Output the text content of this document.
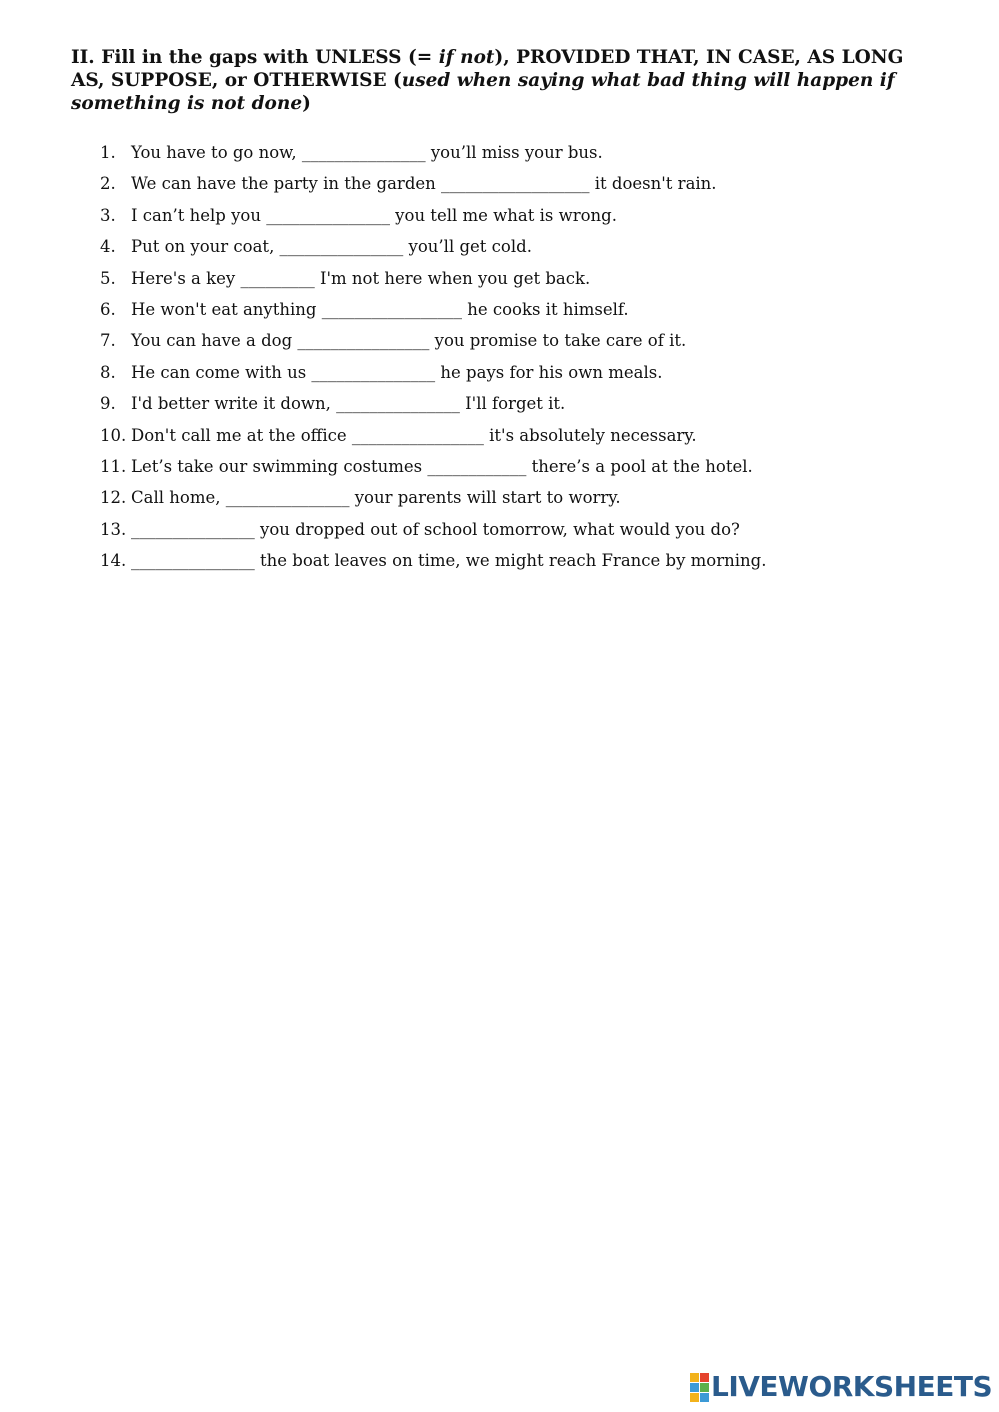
II. Fill in the gaps with UNLESS (= if not), PROVIDED THAT, IN CASE, AS LONG AS, SUPPOSE, or OTHERWISE (used when saying what bad thing will happen if something is not done)
1. You have to go now, _______________ you’ll miss your bus.
2. We can have the party in the garden __________________ it doesn't rain.
3. I can’t help you _______________ you tell me what is wrong.
4. Put on your coat, _______________ you’ll get cold.
5. Here's a key _________ I'm not here when you get back.
6. He won't eat anything _________________ he cooks it himself.
7. You can have a dog ________________ you promise to take care of it.
8. He can come with us _______________ he pays for his own meals.
9. I'd better write it down, _______________ I'll forget it.
10. Don't call me at the office ________________ it's absolutely necessary.
11. Let’s take our swimming costumes ____________ there’s a pool at the hotel.
12. Call home, _______________ your parents will start to worry.
13. _______________ you dropped out of school tomorrow, what would you do?
14. _______________ the boat leaves on time, we might reach France by morning.
LIVEWORKSHEETS
